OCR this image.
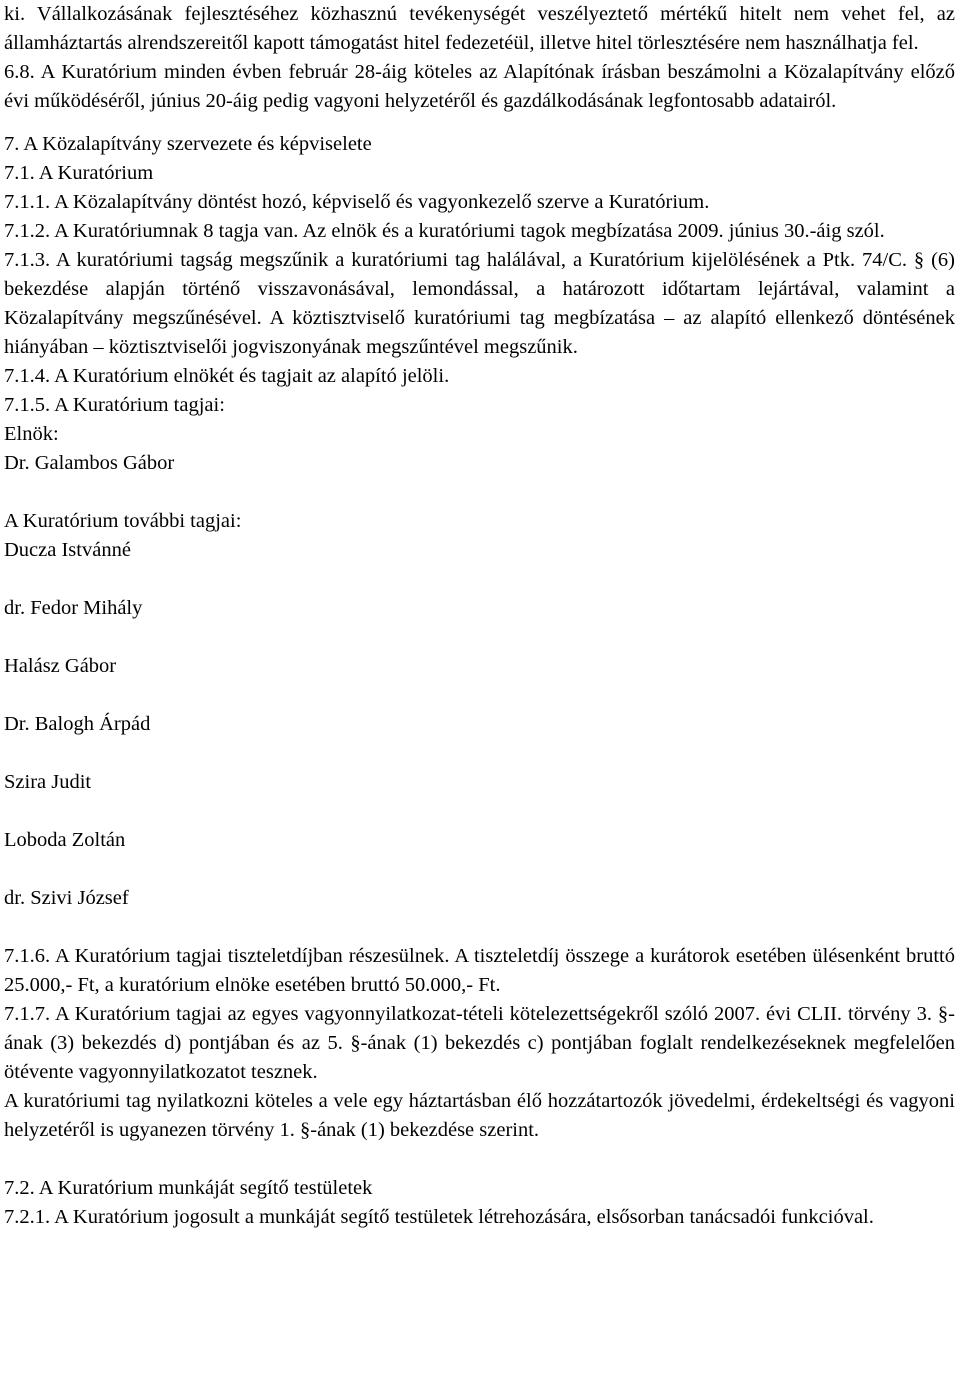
ki. Vállalkozásának fejlesztéséhez közhasznú tevékenységét veszélyeztető mértékű hitelt nem vehet fel, az államháztartás alrendszereitől kapott támogatást hitel fedezetéül, illetve hitel törlesztésére nem használhatja fel.

6.8. A Kuratórium minden évben február 28-áig köteles az Alapítónak írásban beszámolni a Közalapítvány előző évi működéséről, június 20-áig pedig vagyoni helyzetéről és gazdálkodásának legfontosabb adatairól.

7. A Közalapítvány szervezete és képviselete

7.1. A Kuratórium

7.1.1. A Közalapítvány döntést hozó, képviselő és vagyonkezelő szerve a Kuratórium.

7.1.2. A Kuratóriumnak 8 tagja van. Az elnök és a kuratóriumi tagok megbízatása 2009. június 30.-áig szól.

7.1.3. A kuratóriumi tagság megszűnik a kuratóriumi tag halálával, a Kuratórium kijelölésének a Ptk. 74/C. § (6) bekezdése alapján történő visszavonásával, lemondással, a határozott időtartam lejártával, valamint a Közalapítvány megszűnésével. A köztisztviselő kuratóriumi tag megbízatása – az alapító ellenkező döntésének hiányában – köztisztviselői jogviszonyának megszűntével megszűnik.

7.1.4. A Kuratórium elnökét és tagjait az alapító jelöli.

7.1.5. A Kuratórium tagjai:

Elnök:

Dr. Galambos Gábor

A Kuratórium további tagjai:

Ducza Istvánné

dr. Fedor Mihály

Halász Gábor

Dr. Balogh Árpád

Szira Judit

Loboda Zoltán

dr. Szivi József

7.1.6. A Kuratórium tagjai tiszteletdíjban részesülnek. A tiszteletdíj összege a kurátorok esetében ülésenként bruttó 25.000,- Ft, a kuratórium elnöke esetében bruttó 50.000,- Ft.

7.1.7. A Kuratórium tagjai az egyes vagyonnyilatkozat-tételi kötelezettségekről szóló 2007. évi CLII. törvény 3. §-ának (3) bekezdés d) pontjában és az 5. §-ának (1) bekezdés c) pontjában foglalt rendelkezéseknek megfelelően ötévente vagyonnyilatkozatot tesznek.

A kuratóriumi tag nyilatkozni köteles a vele egy háztartásban élő hozzátartozók jövedelmi, érdekeltségi és vagyoni helyzetéről is ugyanezen törvény 1. §-ának (1) bekezdése szerint.

7.2. A Kuratórium munkáját segítő testületek

7.2.1. A Kuratórium jogosult a munkáját segítő testületek létrehozására, elsősorban tanácsadói funkcióval.
